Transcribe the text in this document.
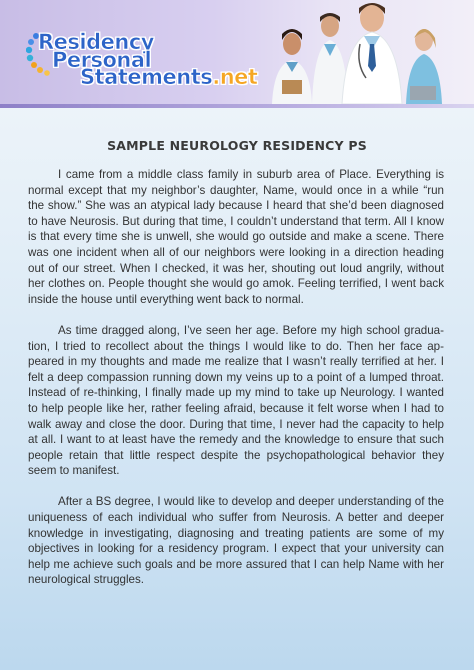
Residency
Personal
Statements.net
SAMPLE NEUROLOGY RESIDENCY PS

I came from a middle class family in suburb area of Place. Everything is normal except that my neighbor’s daughter, Name, would once in a while “run the show.” She was an atypical lady because I heard that she’d been diagnosed to have Neurosis. But during that time, I couldn’t understand that term. All I know is that every time she is unwell, she would go outside and make a scene. There was one incident when all of our neighbors were looking in a direction heading out of our street. When I checked, it was her, shouting out loud angrily, without her clothes on. People thought she would go amok. Feeling terrified, I went back inside the house until everything went back to normal.

As time dragged along, I’ve seen her age. Before my high school graduation, I tried to recollect about the things I would like to do. Then her face appeared in my thoughts and made me realize that I wasn’t really terrified at her. I felt a deep compassion running down my veins up to a point of a lumped throat. Instead of re-thinking, I finally made up my mind to take up Neurology. I wanted to help people like her, rather feeling afraid, because it felt worse when I had to walk away and close the door. During that time, I never had the capacity to help at all. I want to at least have the remedy and the knowledge to ensure that such people retain that little respect despite the psychopathological behavior they seem to manifest.

After a BS degree, I would like to develop and deeper understanding of the uniqueness of each individual who suffer from Neurosis. A better and deeper knowledge in investigating, diagnosing and treating patients are some of my objectives in looking for a residency program. I expect that your university can help me achieve such goals and be more assured that I can help Name with her neurological struggles.
